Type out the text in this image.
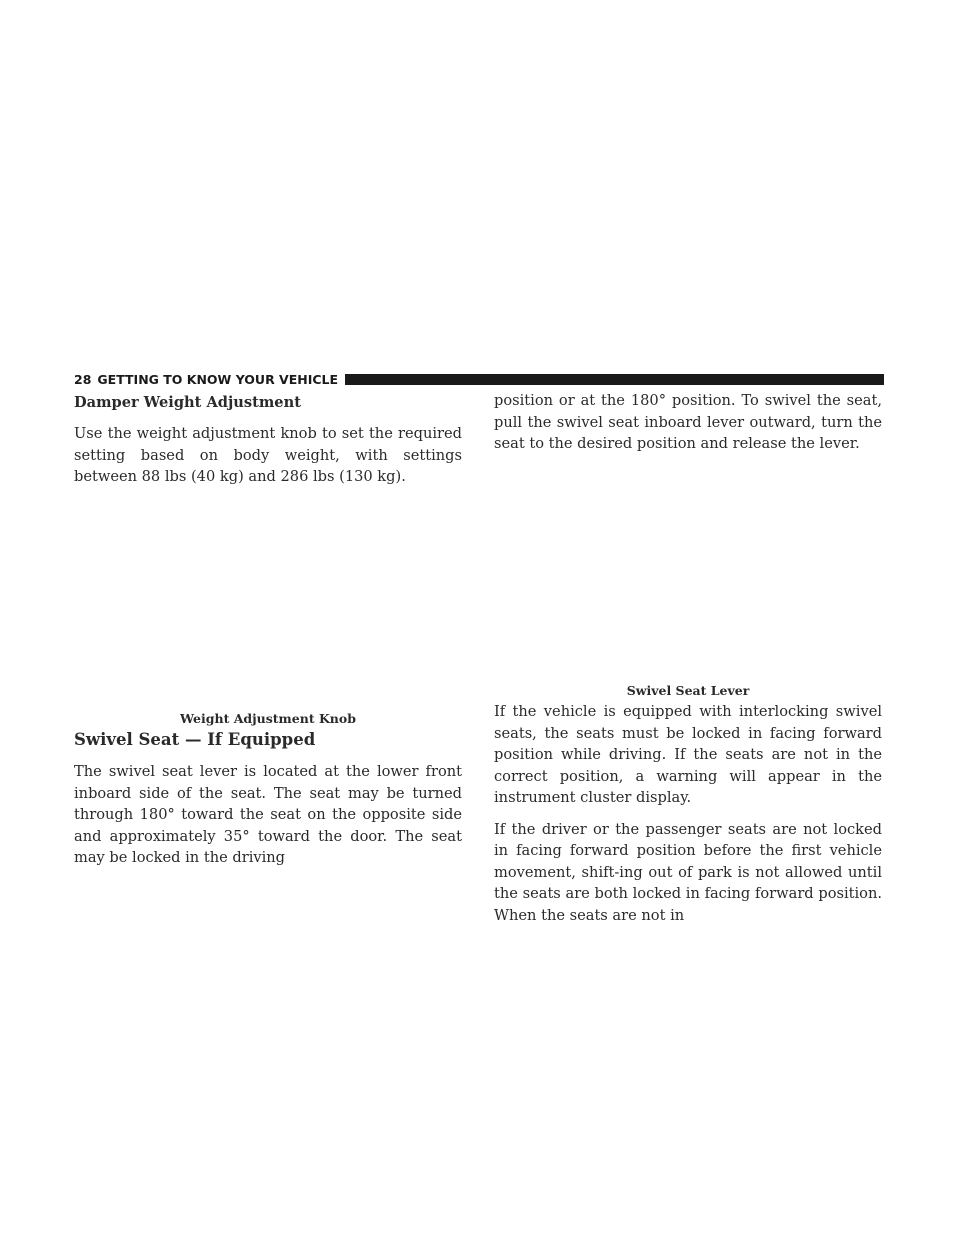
28 GETTING TO KNOW YOUR VEHICLE
Damper Weight Adjustment

Use the weight adjustment knob to set the required setting based on body weight, with settings between 88 lbs (40 kg) and 286 lbs (130 kg).

Weight Adjustment Knob
Swivel Seat — If Equipped

The swivel seat lever is located at the lower front inboard side of the seat. The seat may be turned through 180° toward the seat on the opposite side and approximately 35° toward the door. The seat may be locked in the driving

position or at the 180° position. To swivel the seat, pull the swivel seat inboard lever outward, turn the seat to the desired position and release the lever.

Swivel Seat Lever

If the vehicle is equipped with interlocking swivel seats, the seats must be locked in facing forward position while driving. If the seats are not in the correct position, a warning will appear in the instrument cluster display.

If the driver or the passenger seats are not locked in facing forward position before the first vehicle movement, shift-ing out of park is not allowed until the seats are both locked in facing forward position. When the seats are not in
